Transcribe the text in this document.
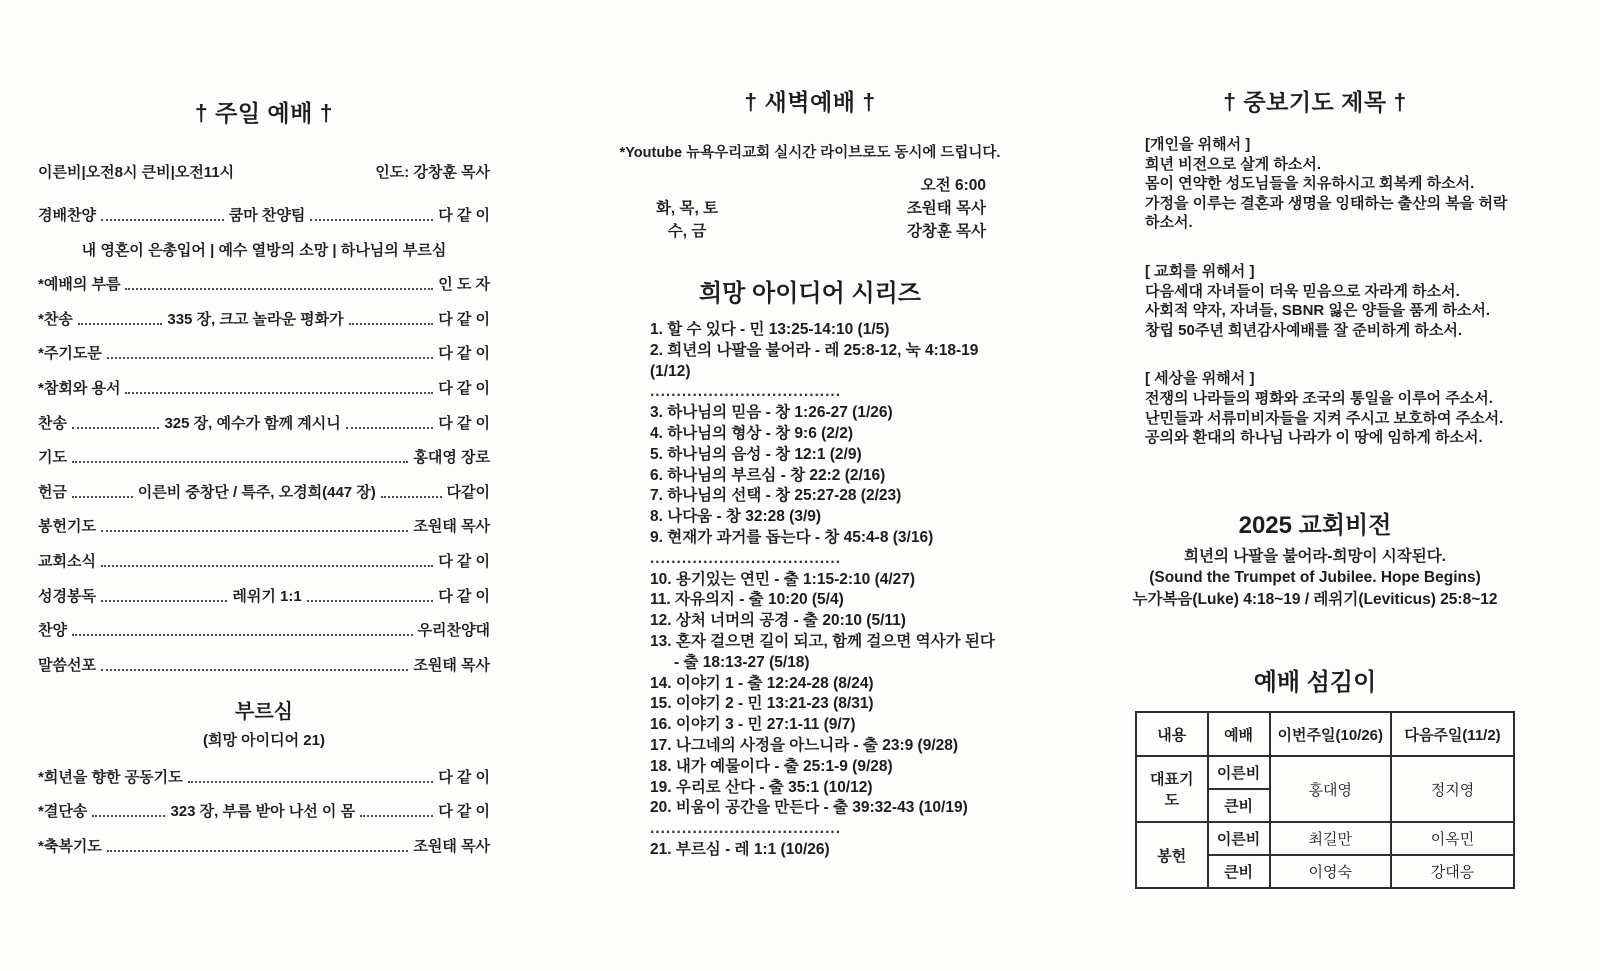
† 주일 예배 †
이른비|오전8시 큰비|오전11시	인도: 강창훈 목사
경배찬양	쿰마 찬양팀	다 같 이
내 영혼이 은총입어 | 예수 열방의 소망 | 하나님의 부르심
*예배의 부름	인 도 자
*찬송	335 장, 크고 놀라운 평화가	다 같 이
*주기도문	다 같 이
*참회와 용서	다 같 이
찬송	325 장, 예수가 함께 계시니	다 같 이
기도	홍대영 장로
헌금	이른비 중창단 / 특주, 오경희(447 장)	다같이
봉헌기도	조원태 목사
교회소식	다 같 이
성경봉독	레위기 1:1	다 같 이
찬양	우리찬양대
말씀선포	조원태 목사
부르심
(희망 아이디어 21)
*희년을 향한 공동기도	다 같 이
*결단송	323 장, 부름 받아 나선 이 몸	다 같 이
*축복기도	조원태 목사
† 새벽예배 †
*Youtube 뉴욕우리교회 실시간 라이브로도 동시에 드립니다.
오전 6:00
화, 목, 토	조원태 목사
수, 금	강창훈 목사
희망 아이디어 시리즈
1. 할 수 있다 - 민 13:25-14:10 (1/5)
2. 희년의 나팔을 불어라 - 레 25:8-12, 눅 4:18-19 (1/12)
....................................
3. 하나님의 믿음 - 창 1:26-27 (1/26)
4. 하나님의 형상 - 창 9:6 (2/2)
5. 하나님의 음성 - 창 12:1 (2/9)
6. 하나님의 부르심 - 창 22:2 (2/16)
7. 하나님의 선택 - 창 25:27-28 (2/23)
8. 나다움 - 창 32:28 (3/9)
9. 현재가 과거를 돕는다 - 창 45:4-8 (3/16)
....................................
10. 용기있는 연민 - 출 1:15-2:10 (4/27)
11. 자유의지 - 출 10:20 (5/4)
12. 상처 너머의 공경 - 출 20:10 (5/11)
13. 혼자 걸으면 길이 되고, 함께 걸으면 역사가 된다
- 출 18:13-27 (5/18)
14. 이야기 1 - 출 12:24-28 (8/24)
15. 이야기 2 - 민 13:21-23 (8/31)
16. 이야기 3 - 민 27:1-11 (9/7)
17. 나그네의 사정을 아느니라 - 출 23:9 (9/28)
18. 내가 예물이다 - 출 25:1-9 (9/28)
19. 우리로 산다 - 출 35:1 (10/12)
20. 비움이 공간을 만든다 - 출 39:32-43 (10/19)
....................................
21. 부르심 - 레 1:1 (10/26)
† 중보기도 제목 †
[개인을 위해서 ]
희년 비전으로 살게 하소서.
몸이 연약한 성도님들을 치유하시고 회복케 하소서.
가정을 이루는 결혼과 생명을 잉태하는 출산의 복을 허락하소서.
[ 교회를 위해서 ]
다음세대 자녀들이 더욱 믿음으로 자라게 하소서.
사회적 약자, 자녀들, SBNR 잃은 양들을 품게 하소서.
창립 50주년 희년감사예배를 잘 준비하게 하소서.
[ 세상을 위해서 ]
전쟁의 나라들의 평화와 조국의 통일을 이루어 주소서.
난민들과 서류미비자들을 지켜 주시고 보호하여 주소서.
공의와 환대의 하나님 나라가 이 땅에 임하게 하소서.
2025 교회비전
희년의 나팔을 불어라-희망이 시작된다.
(Sound the Trumpet of Jubilee. Hope Begins)
누가복음(Luke) 4:18~19 / 레위기(Leviticus) 25:8~12
예배 섬김이
내용	예배	이번주일(10/26)	다음주일(11/2)
대표기도	이른비	홍대영	정지영
	큰비		
봉헌	이른비	최길만	이옥민
	큰비	이영숙	강대응
